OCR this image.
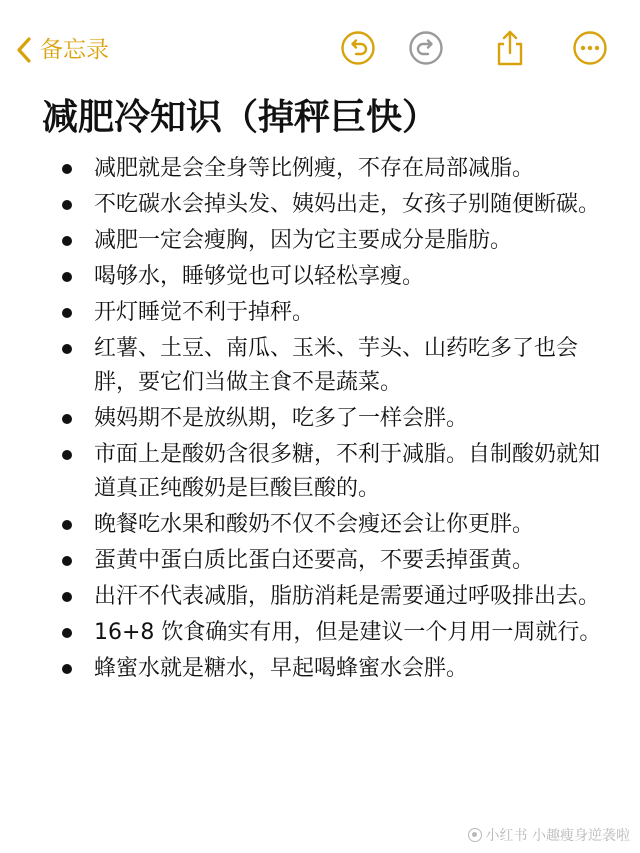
备忘录
减肥冷知识（掉秤巨快）
减肥就是会全身等比例瘦，不存在局部减脂。
不吃碳水会掉头发、姨妈出走，女孩子别随便断碳。
减肥一定会瘦胸，因为它主要成分是脂肪。
喝够水，睡够觉也可以轻松享瘦。
开灯睡觉不利于掉秤。
红薯、土豆、南瓜、玉米、芋头、山药吃多了也会胖，要它们当做主食不是蔬菜。
姨妈期不是放纵期，吃多了一样会胖。
市面上是酸奶含很多糖，不利于减脂。自制酸奶就知道真正纯酸奶是巨酸巨酸的。
晚餐吃水果和酸奶不仅不会瘦还会让你更胖。
蛋黄中蛋白质比蛋白还要高，不要丢掉蛋黄。
出汗不代表减脂，脂肪消耗是需要通过呼吸排出去。
16+8 饮食确实有用，但是建议一个月用一周就行。
蜂蜜水就是糖水，早起喝蜂蜜水会胖。
小红书 小趣瘦身逆袭啦
